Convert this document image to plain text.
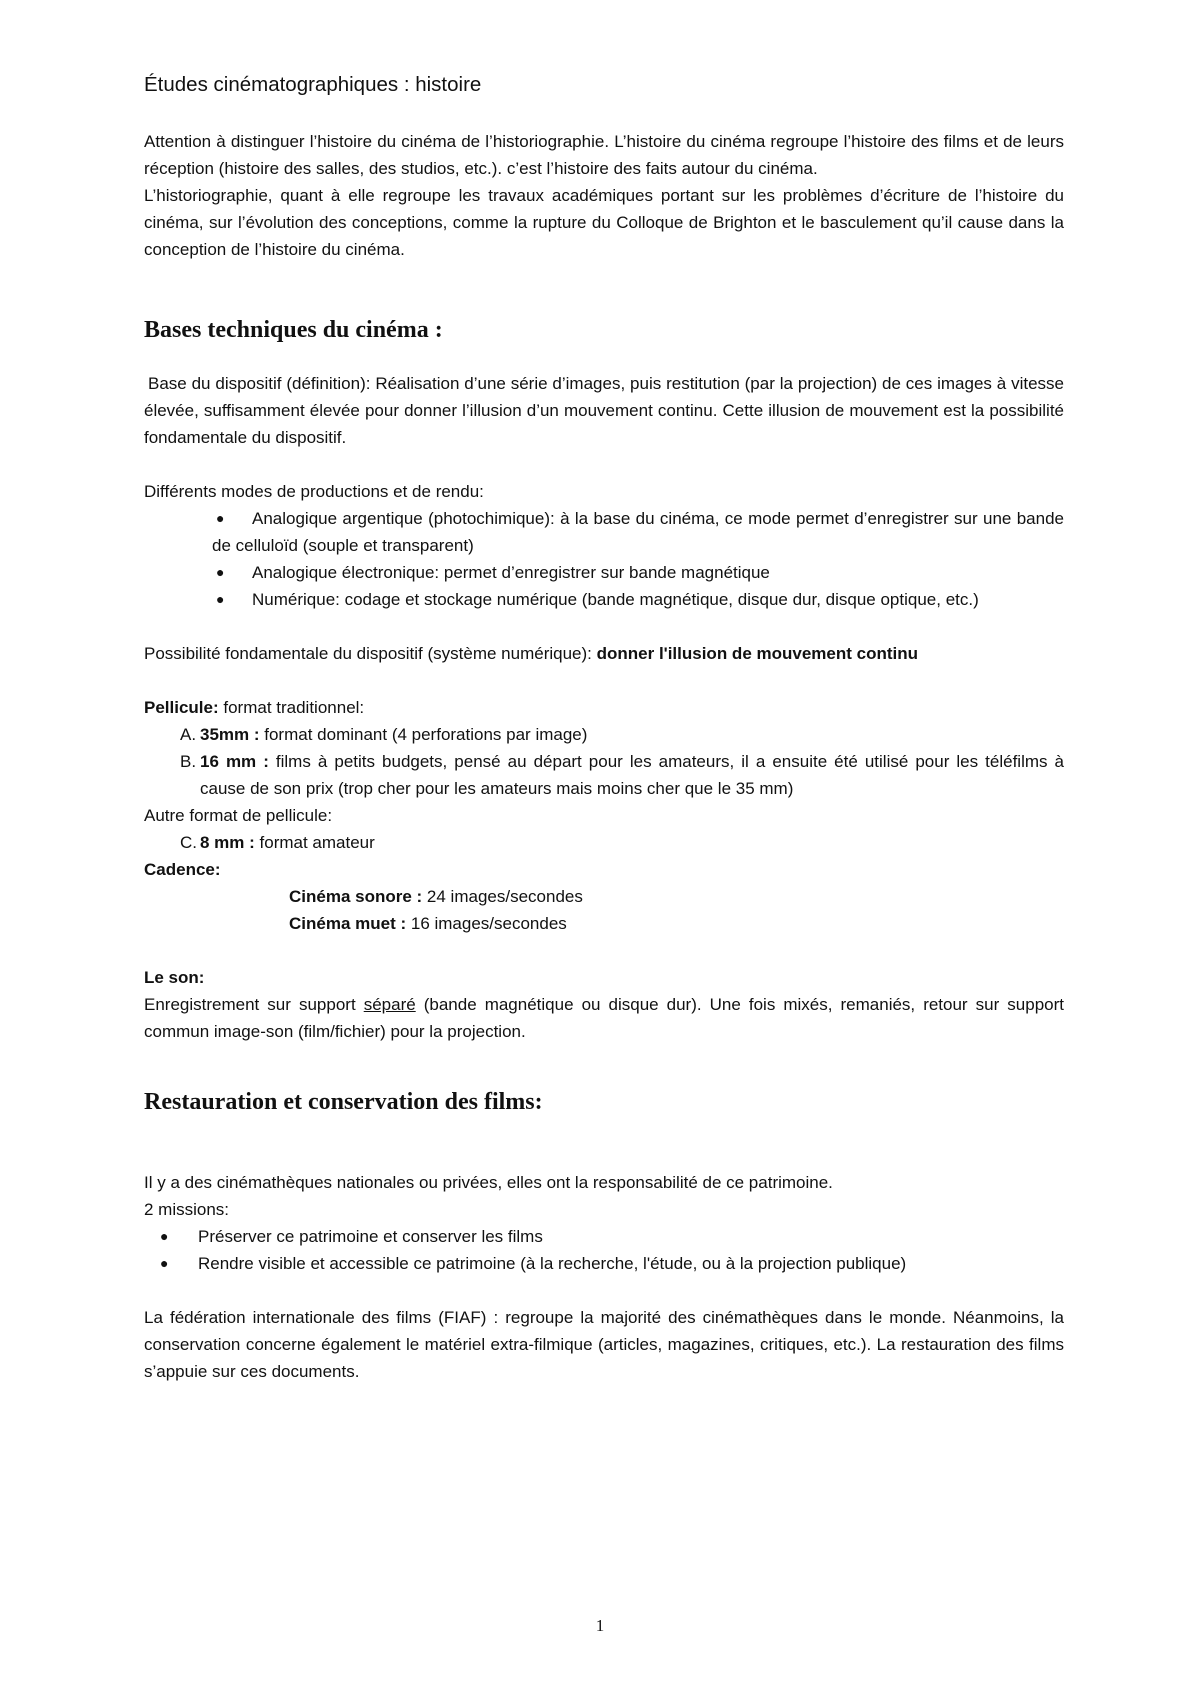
Études cinématographiques : histoire

Attention à distinguer l’histoire du cinéma de l’historiographie. L’histoire du cinéma regroupe l’histoire des films et de leurs réception (histoire des salles, des studios, etc.). c’est l’histoire des faits autour du cinéma.

L’historiographie, quant à elle regroupe les travaux académiques portant sur les problèmes d’écriture de l’histoire du cinéma, sur l’évolution des conceptions, comme la rupture du Colloque de Brighton et le basculement qu’il cause dans la conception de l’histoire du cinéma.

Bases techniques du cinéma :

Base du dispositif (définition): Réalisation d’une série d’images, puis restitution (par la projection) de ces images à vitesse élevée, suffisamment élevée pour donner l’illusion d’un mouvement continu. Cette illusion de mouvement est la possibilité fondamentale du dispositif.

Différents modes de productions et de rendu:

●	Analogique argentique (photochimique): à la base du cinéma, ce mode permet d’enregistrer sur une bande de celluloïd (souple et transparent)
●	Analogique électronique: permet d’enregistrer sur bande magnétique
●	Numérique: codage et stockage numérique (bande magnétique, disque dur, disque optique, etc.)

Possibilité fondamentale du dispositif (système numérique): donner l'illusion de mouvement continu

Pellicule: format traditionnel:

A. 35mm : format dominant (4 perforations par image)
B. 16 mm : films à petits budgets, pensé au départ pour les amateurs, il a ensuite été utilisé pour les téléfilms à cause de son prix (trop cher pour les amateurs mais moins cher que le 35 mm)

Autre format de pellicule:

C. 8 mm : format amateur

Cadence:

Cinéma sonore : 24 images/secondes

Cinéma muet : 16 images/secondes

Le son:

Enregistrement sur support séparé (bande magnétique ou disque dur). Une fois mixés, remaniés, retour sur support commun image-son (film/fichier) pour la projection.

Restauration et conservation des films:

Il y a des cinémathèques nationales ou privées, elles ont la responsabilité de ce patrimoine.

2 missions:

●	Préserver ce patrimoine et conserver les films
●	Rendre visible et accessible ce patrimoine (à la recherche, l'étude, ou à la projection publique)

La fédération internationale des films (FIAF) : regroupe la majorité des cinémathèques dans le monde. Néanmoins, la conservation concerne également le matériel extra-filmique (articles, magazines, critiques, etc.). La restauration des films s’appuie sur ces documents.

1
